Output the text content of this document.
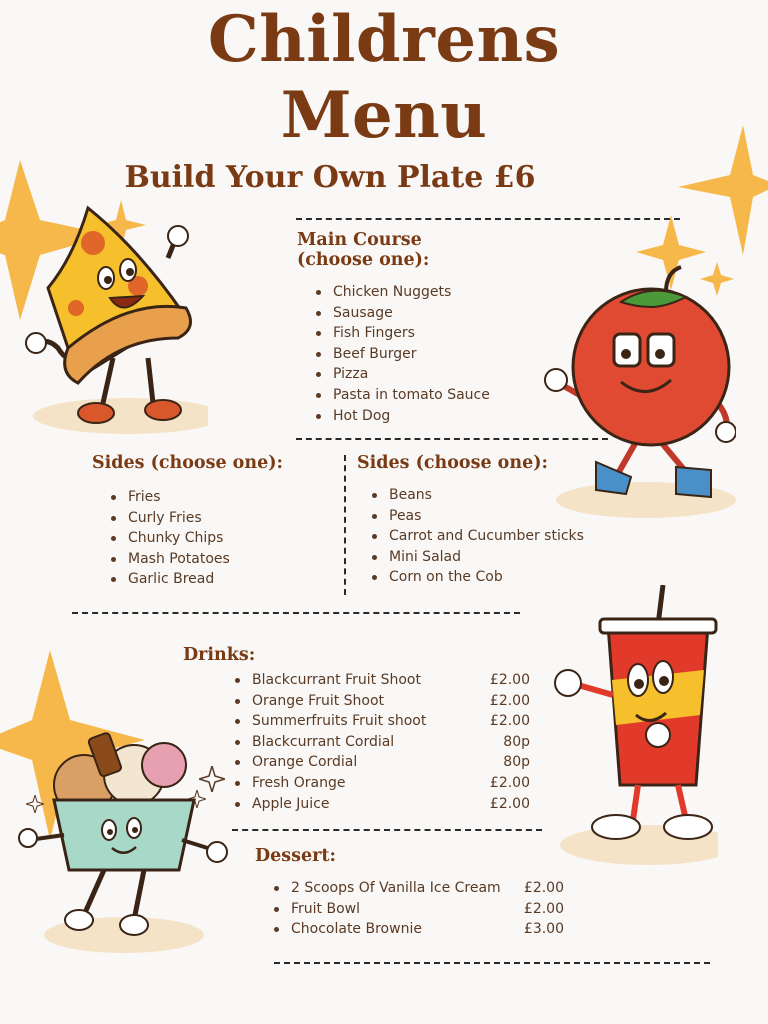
Childrens
Menu
Build Your Own Plate £6
Main Course
(choose one):
Chicken Nuggets
Sausage
Fish Fingers
Beef Burger
Pizza
Pasta in tomato Sauce
Hot Dog
Sides (choose one):
Fries
Curly Fries
Chunky Chips
Mash Potatoes
Garlic Bread
Sides (choose one):
Beans
Peas
Carrot and Cucumber sticks
Mini Salad
Corn on the Cob
Drinks:
Blackcurrant Fruit Shoot	£2.00
Orange Fruit Shoot	£2.00
Summerfruits Fruit shoot	£2.00
Blackcurrant Cordial	80p
Orange Cordial	80p
Fresh Orange	£2.00
Apple Juice	£2.00
Dessert:
2 Scoops Of Vanilla Ice Cream £2.00
Fruit Bowl	£2.00
Chocolate Brownie	£3.00
